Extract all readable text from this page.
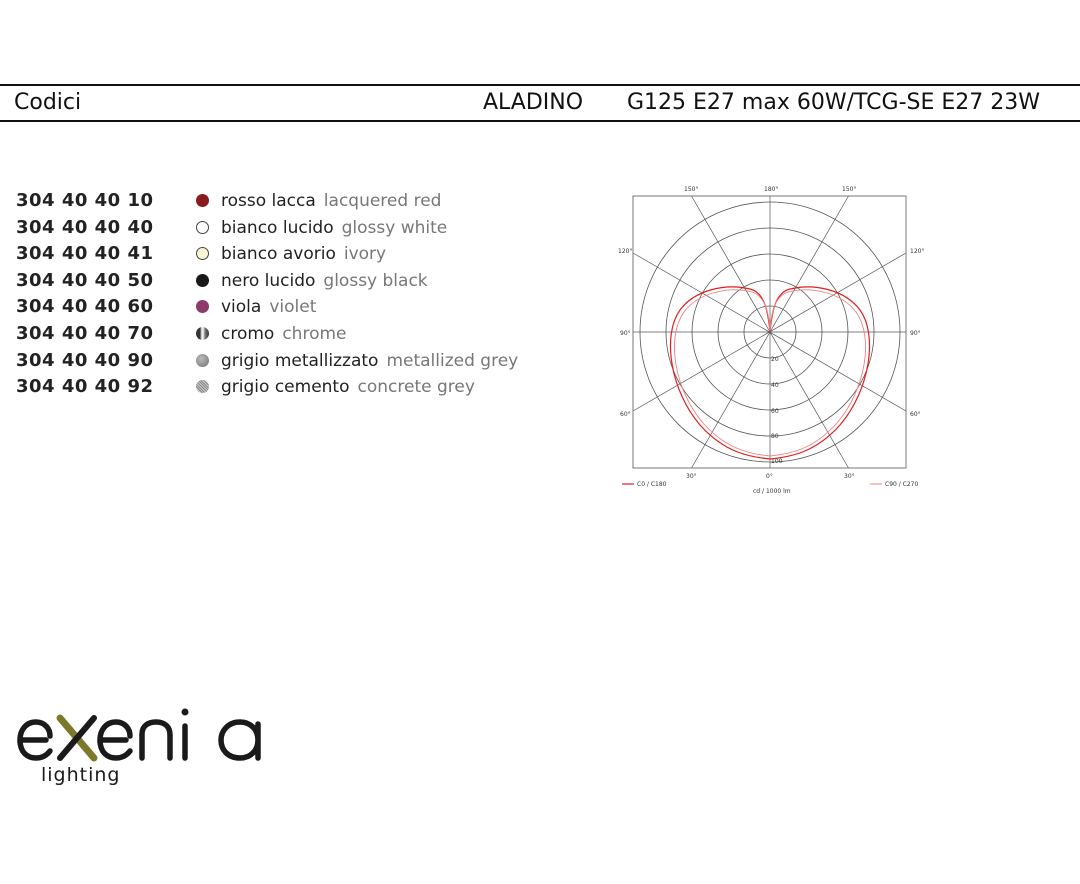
Codici	ALADINO G125 E27 max 60W/TCG-SE E27 23W
304 40 40 10	rosso lacca lacquered red
304 40 40 40	bianco lucido glossy white
304 40 40 41	bianco avorio ivory
304 40 40 50	nero lucido glossy black
304 40 40 60	viola violet
304 40 40 70	cromo chrome
304 40 40 90	grigio metallizzato metallized grey
304 40 40 92	grigio cemento concrete grey
150°	180°	150°
120°	120°
90°	90°
60°	60°
30°	0°	30°
20
40
60
80
100
C0 / C180	C90 / C270
cd / 1000 lm
lighting
